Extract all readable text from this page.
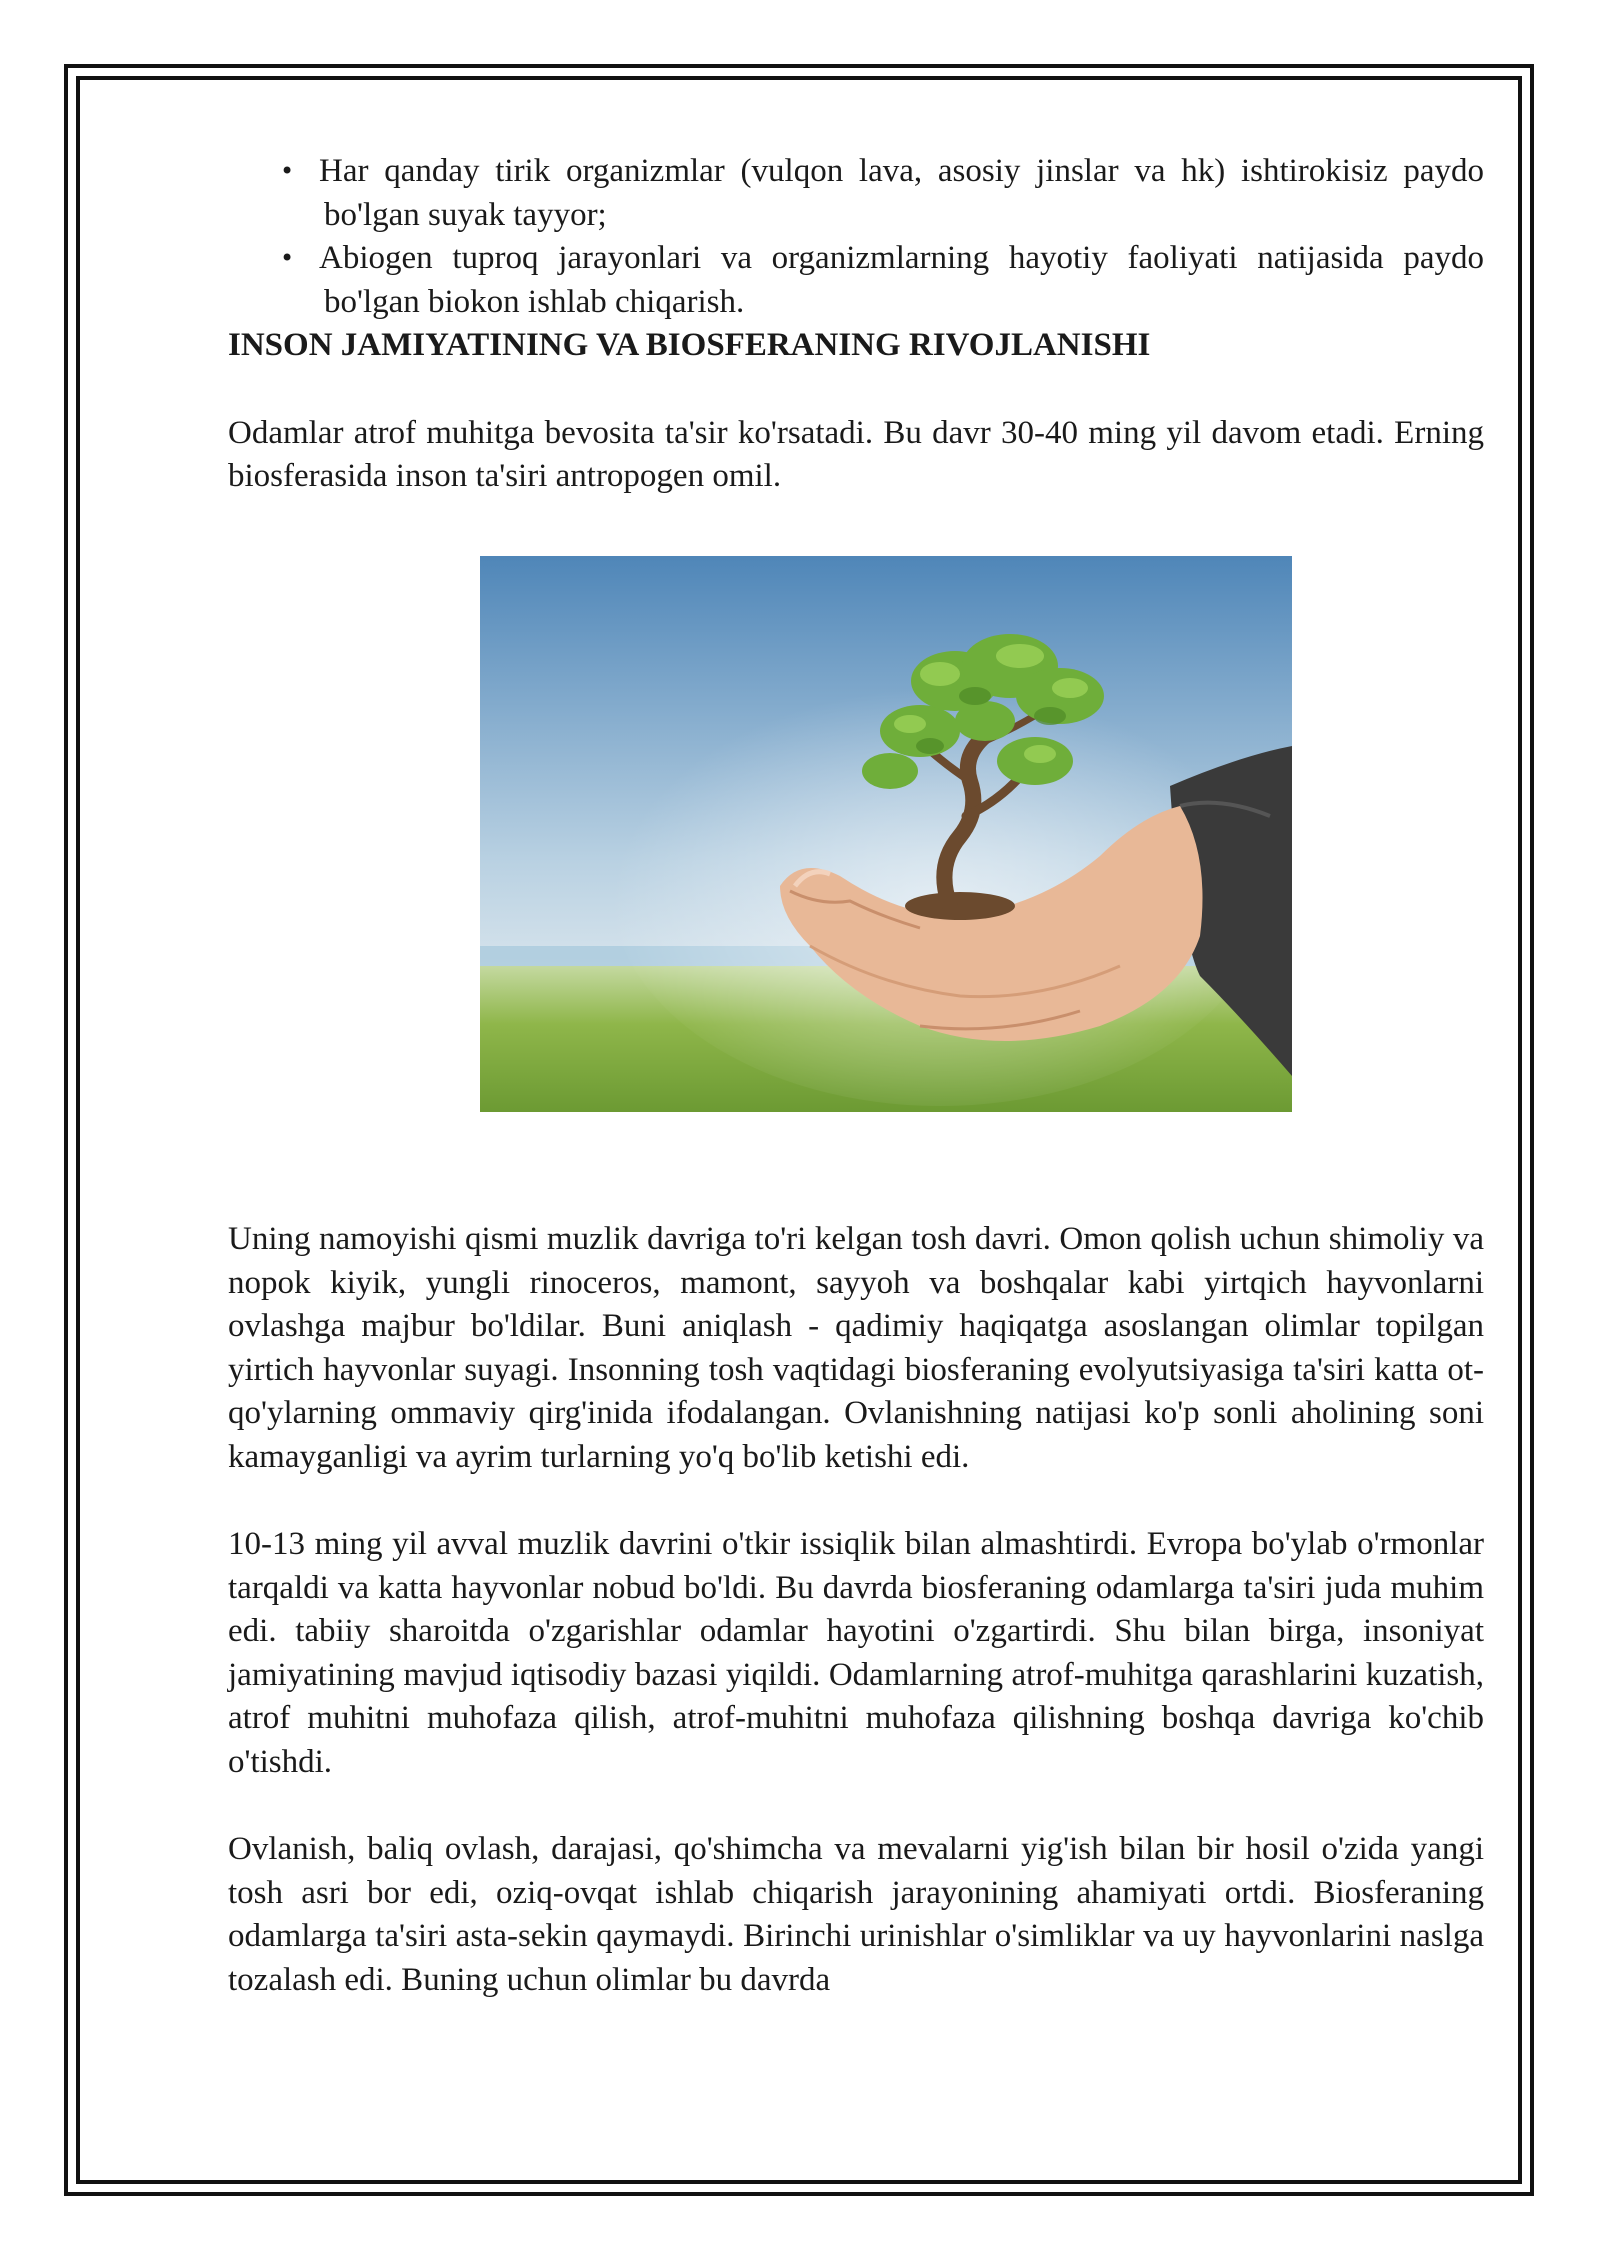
• Har qanday tirik organizmlar (vulqon lava, asosiy jinslar va hk) ishtirokisiz paydo bo'lgan suyak tayyor;
• Abiogen tuproq jarayonlari va organizmlarning hayotiy faoliyati natijasida paydo bo'lgan biokon ishlab chiqarish.

INSON JAMIYATINING VA BIOSFERANING RIVOJLANISHI

Odamlar atrof muhitga bevosita ta'sir ko'rsatadi. Bu davr 30-40 ming yil davom etadi. Erning biosferasida inson ta'siri antropogen omil.

Uning namoyishi qismi muzlik davriga to'ri kelgan tosh davri. Omon qolish uchun shimoliy va nopok kiyik, yungli rinoceros, mamont, sayyoh va boshqalar kabi yirtqich hayvonlarni ovlashga majbur bo'ldilar. Buni aniqlash - qadimiy haqiqatga asoslangan olimlar topilgan yirtich hayvonlar suyagi. Insonning tosh vaqtidagi biosferaning evolyutsiyasiga ta'siri katta ot-qo'ylarning ommaviy qirg'inida ifodalangan. Ovlanishning natijasi ko'p sonli aholining soni kamayganligi va ayrim turlarning yo'q bo'lib ketishi edi.

10-13 ming yil avval muzlik davrini o'tkir issiqlik bilan almashtirdi. Evropa bo'ylab o'rmonlar tarqaldi va katta hayvonlar nobud bo'ldi. Bu davrda biosferaning odamlarga ta'siri juda muhim edi. tabiiy sharoitda o'zgarishlar odamlar hayotini o'zgartirdi. Shu bilan birga, insoniyat jamiyatining mavjud iqtisodiy bazasi yiqildi. Odamlarning atrof-muhitga qarashlarini kuzatish, atrof muhitni muhofaza qilish, atrof-muhitni muhofaza qilishning boshqa davriga ko'chib o'tishdi.

Ovlanish, baliq ovlash, darajasi, qo'shimcha va mevalarni yig'ish bilan bir hosil o'zida yangi tosh asri bor edi, oziq-ovqat ishlab chiqarish jarayonining ahamiyati ortdi. Biosferaning odamlarga ta'siri asta-sekin qaymaydi. Birinchi urinishlar o'simliklar va uy hayvonlarini naslga tozalash edi. Buning uchun olimlar bu davrda
